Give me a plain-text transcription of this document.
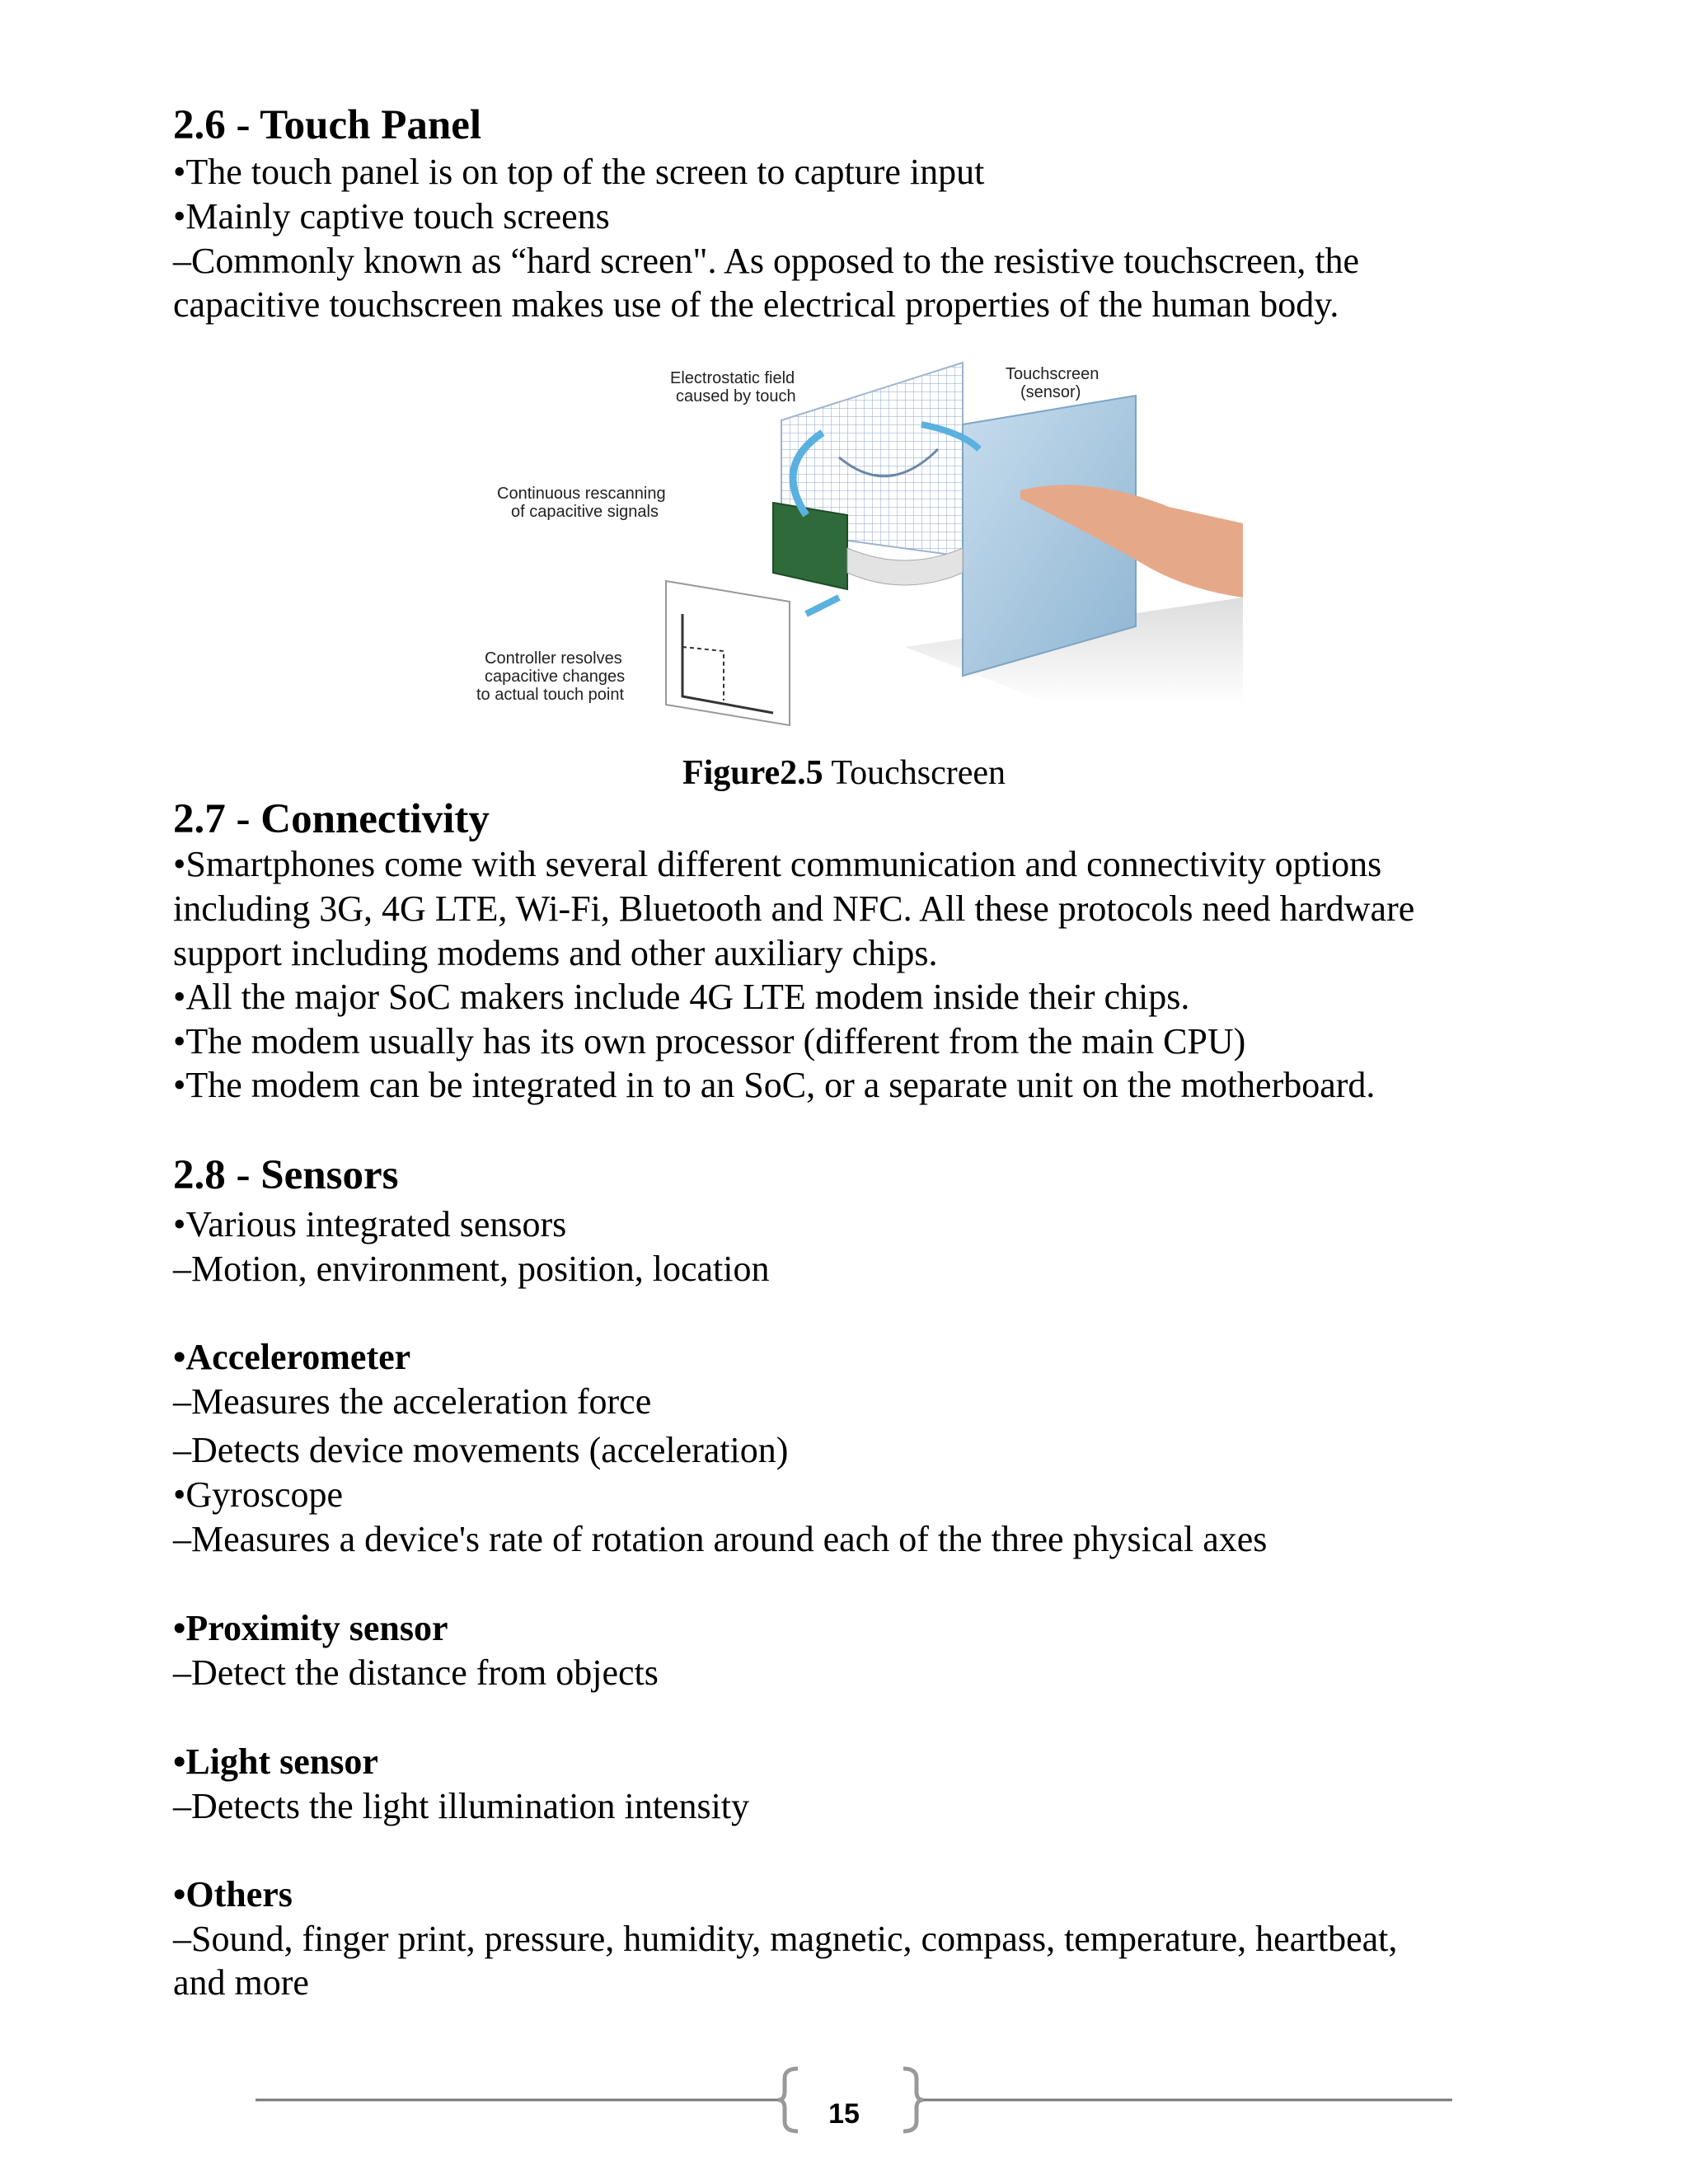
2.6 - Touch Panel
•The touch panel is on top of the screen to capture input
•Mainly captive touch screens
–Commonly known as “hard screen". As opposed to the resistive touchscreen, the
capacitive touchscreen makes use of the electrical properties of the human body.
Electrostatic field
caused by touch
Touchscreen
(sensor)
Continuous rescanning
of capacitive signals
Controller resolves
capacitive changes
to actual touch point
Figure2.5 Touchscreen
2.7 - Connectivity
•Smartphones come with several different communication and connectivity options
including 3G, 4G LTE, Wi-Fi, Bluetooth and NFC. All these protocols need hardware
support including modems and other auxiliary chips.
•All the major SoC makers include 4G LTE modem inside their chips.
•The modem usually has its own processor (different from the main CPU)
•The modem can be integrated in to an SoC, or a separate unit on the motherboard.
2.8 - Sensors
•Various integrated sensors
–Motion, environment, position, location
•Accelerometer
–Measures the acceleration force
–Detects device movements (acceleration)
•Gyroscope
–Measures a device's rate of rotation around each of the three physical axes
•Proximity sensor
–Detect the distance from objects
•Light sensor
–Detects the light illumination intensity
•Others
–Sound, finger print, pressure, humidity, magnetic, compass, temperature, heartbeat,
and more
15
